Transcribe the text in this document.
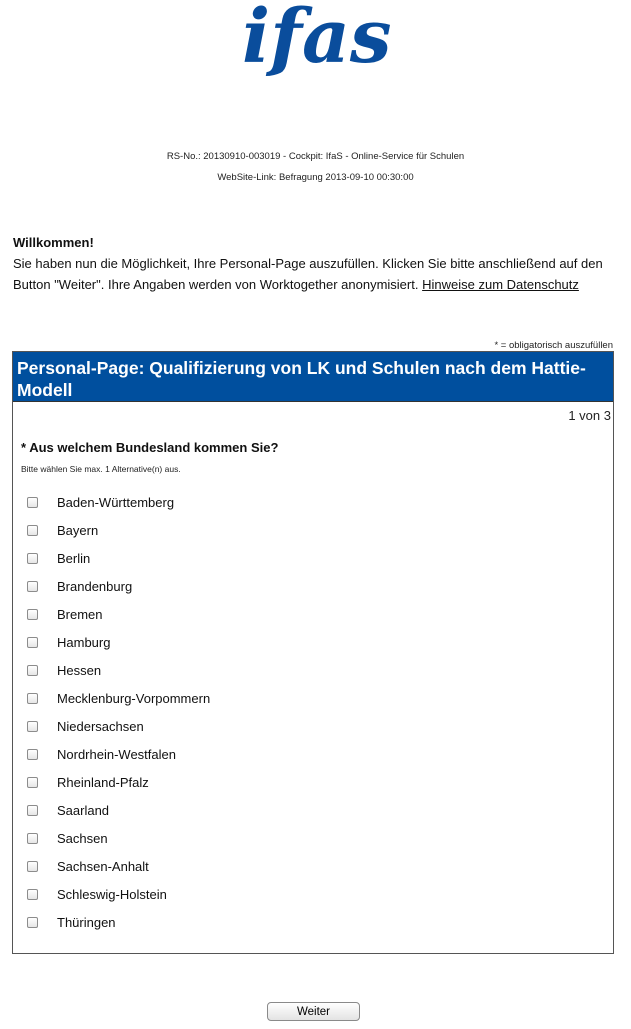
ifas
RS-No.: 20130910-003019 - Cockpit: IfaS - Online-Service für Schulen
WebSite-Link: Befragung 2013-09-10 00:30:00
Willkommen!
Sie haben nun die Möglichkeit, Ihre Personal-Page auszufüllen. Klicken Sie bitte anschließend auf den Button "Weiter". Ihre Angaben werden von Worktogether anonymisiert. Hinweise zum Datenschutz
* = obligatorisch auszufüllen
Personal-Page: Qualifizierung von LK und Schulen nach dem Hattie-Modell
1 von 3
* Aus welchem Bundesland kommen Sie?
Bitte wählen Sie max. 1 Alternative(n) aus.
Baden-Württemberg
Bayern
Berlin
Brandenburg
Bremen
Hamburg
Hessen
Mecklenburg-Vorpommern
Niedersachsen
Nordrhein-Westfalen
Rheinland-Pfalz
Saarland
Sachsen
Sachsen-Anhalt
Schleswig-Holstein
Thüringen
Weiter
